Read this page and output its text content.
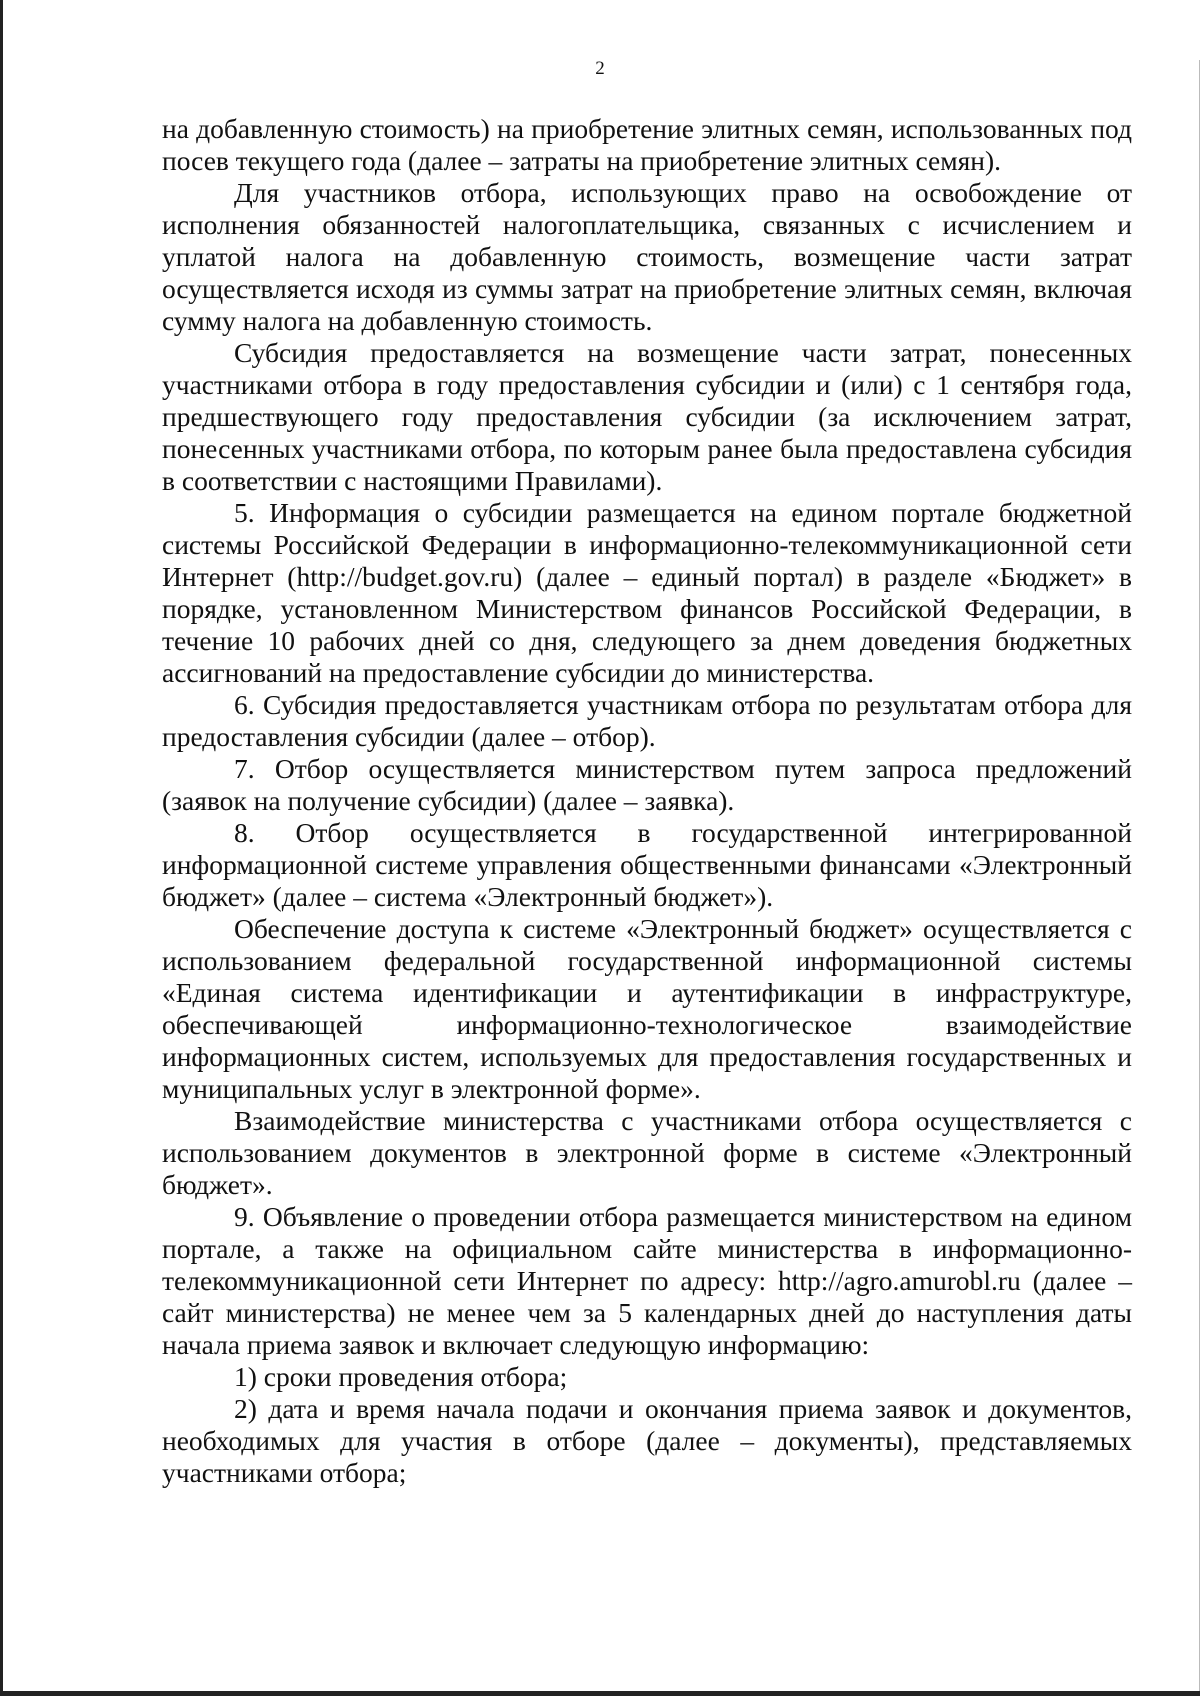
2

на добавленную стоимость) на приобретение элитных семян, использованных под посев текущего года (далее – затраты на приобретение элитных семян).

Для участников отбора, использующих право на освобождение от исполнения обязанностей налогоплательщика, связанных с исчислением и уплатой налога на добавленную стоимость, возмещение части затрат осуществляется исходя из суммы затрат на приобретение элитных семян, включая сумму налога на добавленную стоимость.

Субсидия предоставляется на возмещение части затрат, понесенных участниками отбора в году предоставления субсидии и (или) с 1 сентября года, предшествующего году предоставления субсидии (за исключением затрат, понесенных участниками отбора, по которым ранее была предоставлена субсидия в соответствии с настоящими Правилами).

5. Информация о субсидии размещается на едином портале бюджетной системы Российской Федерации в информационно-телекоммуникационной сети Интернет (http://budget.gov.ru) (далее – единый портал) в разделе «Бюджет» в порядке, установленном Министерством финансов Российской Федерации, в течение 10 рабочих дней со дня, следующего за днем доведения бюджетных ассигнований на предоставление субсидии до министерства.

6. Субсидия предоставляется участникам отбора по результатам отбора для предоставления субсидии (далее – отбор).

7. Отбор осуществляется министерством путем запроса предложений (заявок на получение субсидии) (далее – заявка).

8. Отбор осуществляется в государственной интегрированной информационной системе управления общественными финансами «Электронный бюджет» (далее – система «Электронный бюджет»).

Обеспечение доступа к системе «Электронный бюджет» осуществляется с использованием федеральной государственной информационной системы «Единая система идентификации и аутентификации в инфраструктуре, обеспечивающей информационно-технологическое взаимодействие информационных систем, используемых для предоставления государственных и муниципальных услуг в электронной форме».

Взаимодействие министерства с участниками отбора осуществляется с использованием документов в электронной форме в системе «Электронный бюджет».

9. Объявление о проведении отбора размещается министерством на едином портале, а также на официальном сайте министерства в информационно-телекоммуникационной сети Интернет по адресу: http://agro.amurobl.ru (далее – сайт министерства) не менее чем за 5 календарных дней до наступления даты начала приема заявок и включает следующую информацию:

1) сроки проведения отбора;

2) дата и время начала подачи и окончания приема заявок и документов, необходимых для участия в отборе (далее – документы), представляемых участниками отбора;
